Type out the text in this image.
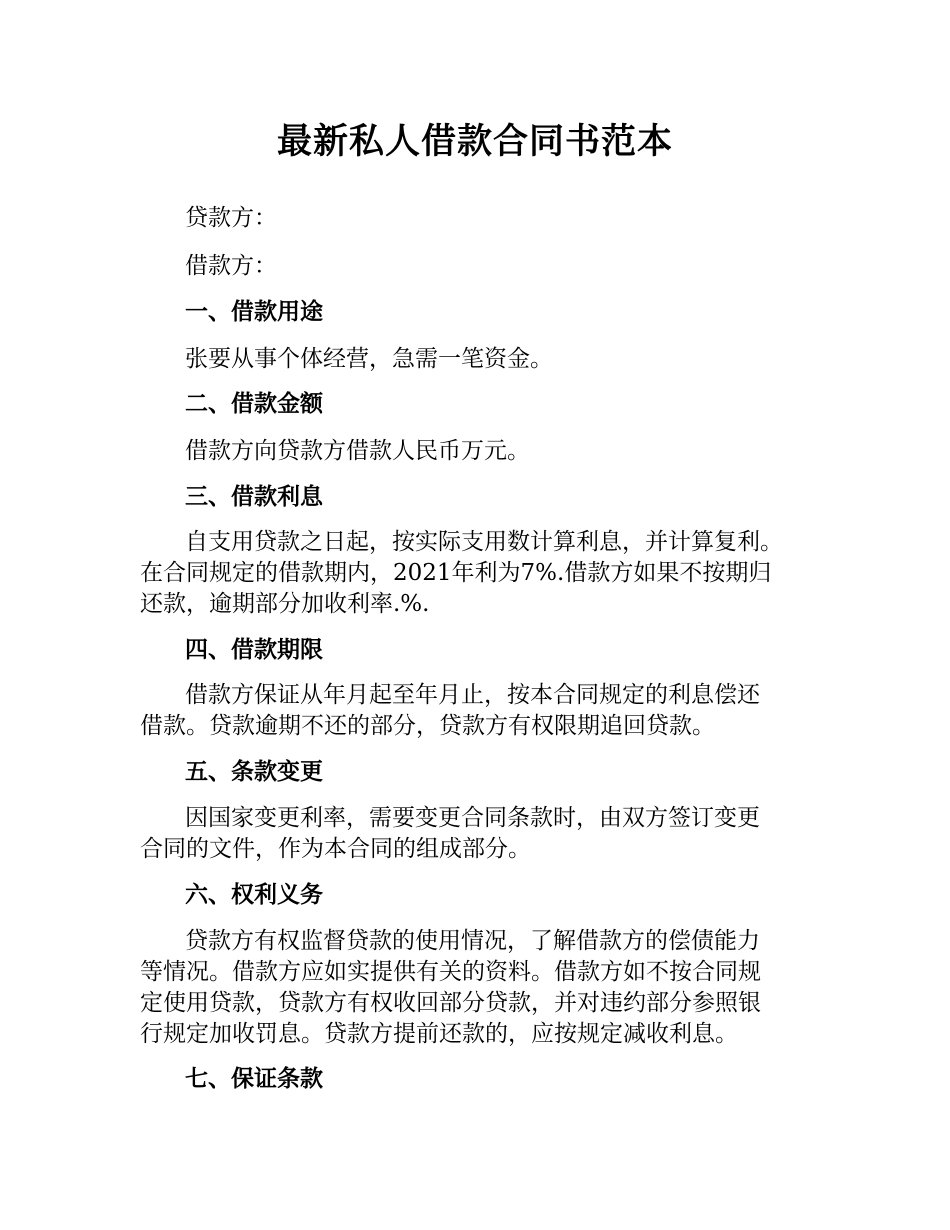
最新私人借款合同书范本

贷款方：

借款方：

一、借款用途

张要从事个体经营，急需一笔资金。

二、借款金额

借款方向贷款方借款人民币万元。

三、借款利息
自支用贷款之日起，按实际支用数计算利息，并计算复利。
在合同规定的借款期内，2021年利为7%.借款方如果不按期归
还款，逾期部分加收利率.%.
四、借款期限
借款方保证从年月起至年月止，按本合同规定的利息偿还
借款。贷款逾期不还的部分，贷款方有权限期追回贷款。
五、条款变更
因国家变更利率，需要变更合同条款时，由双方签订变更
合同的文件，作为本合同的组成部分。
六、权利义务
贷款方有权监督贷款的使用情况，了解借款方的偿债能力
等情况。借款方应如实提供有关的资料。借款方如不按合同规
定使用贷款，贷款方有权收回部分贷款，并对违约部分参照银
行规定加收罚息。贷款方提前还款的，应按规定减收利息。
七、保证条款
